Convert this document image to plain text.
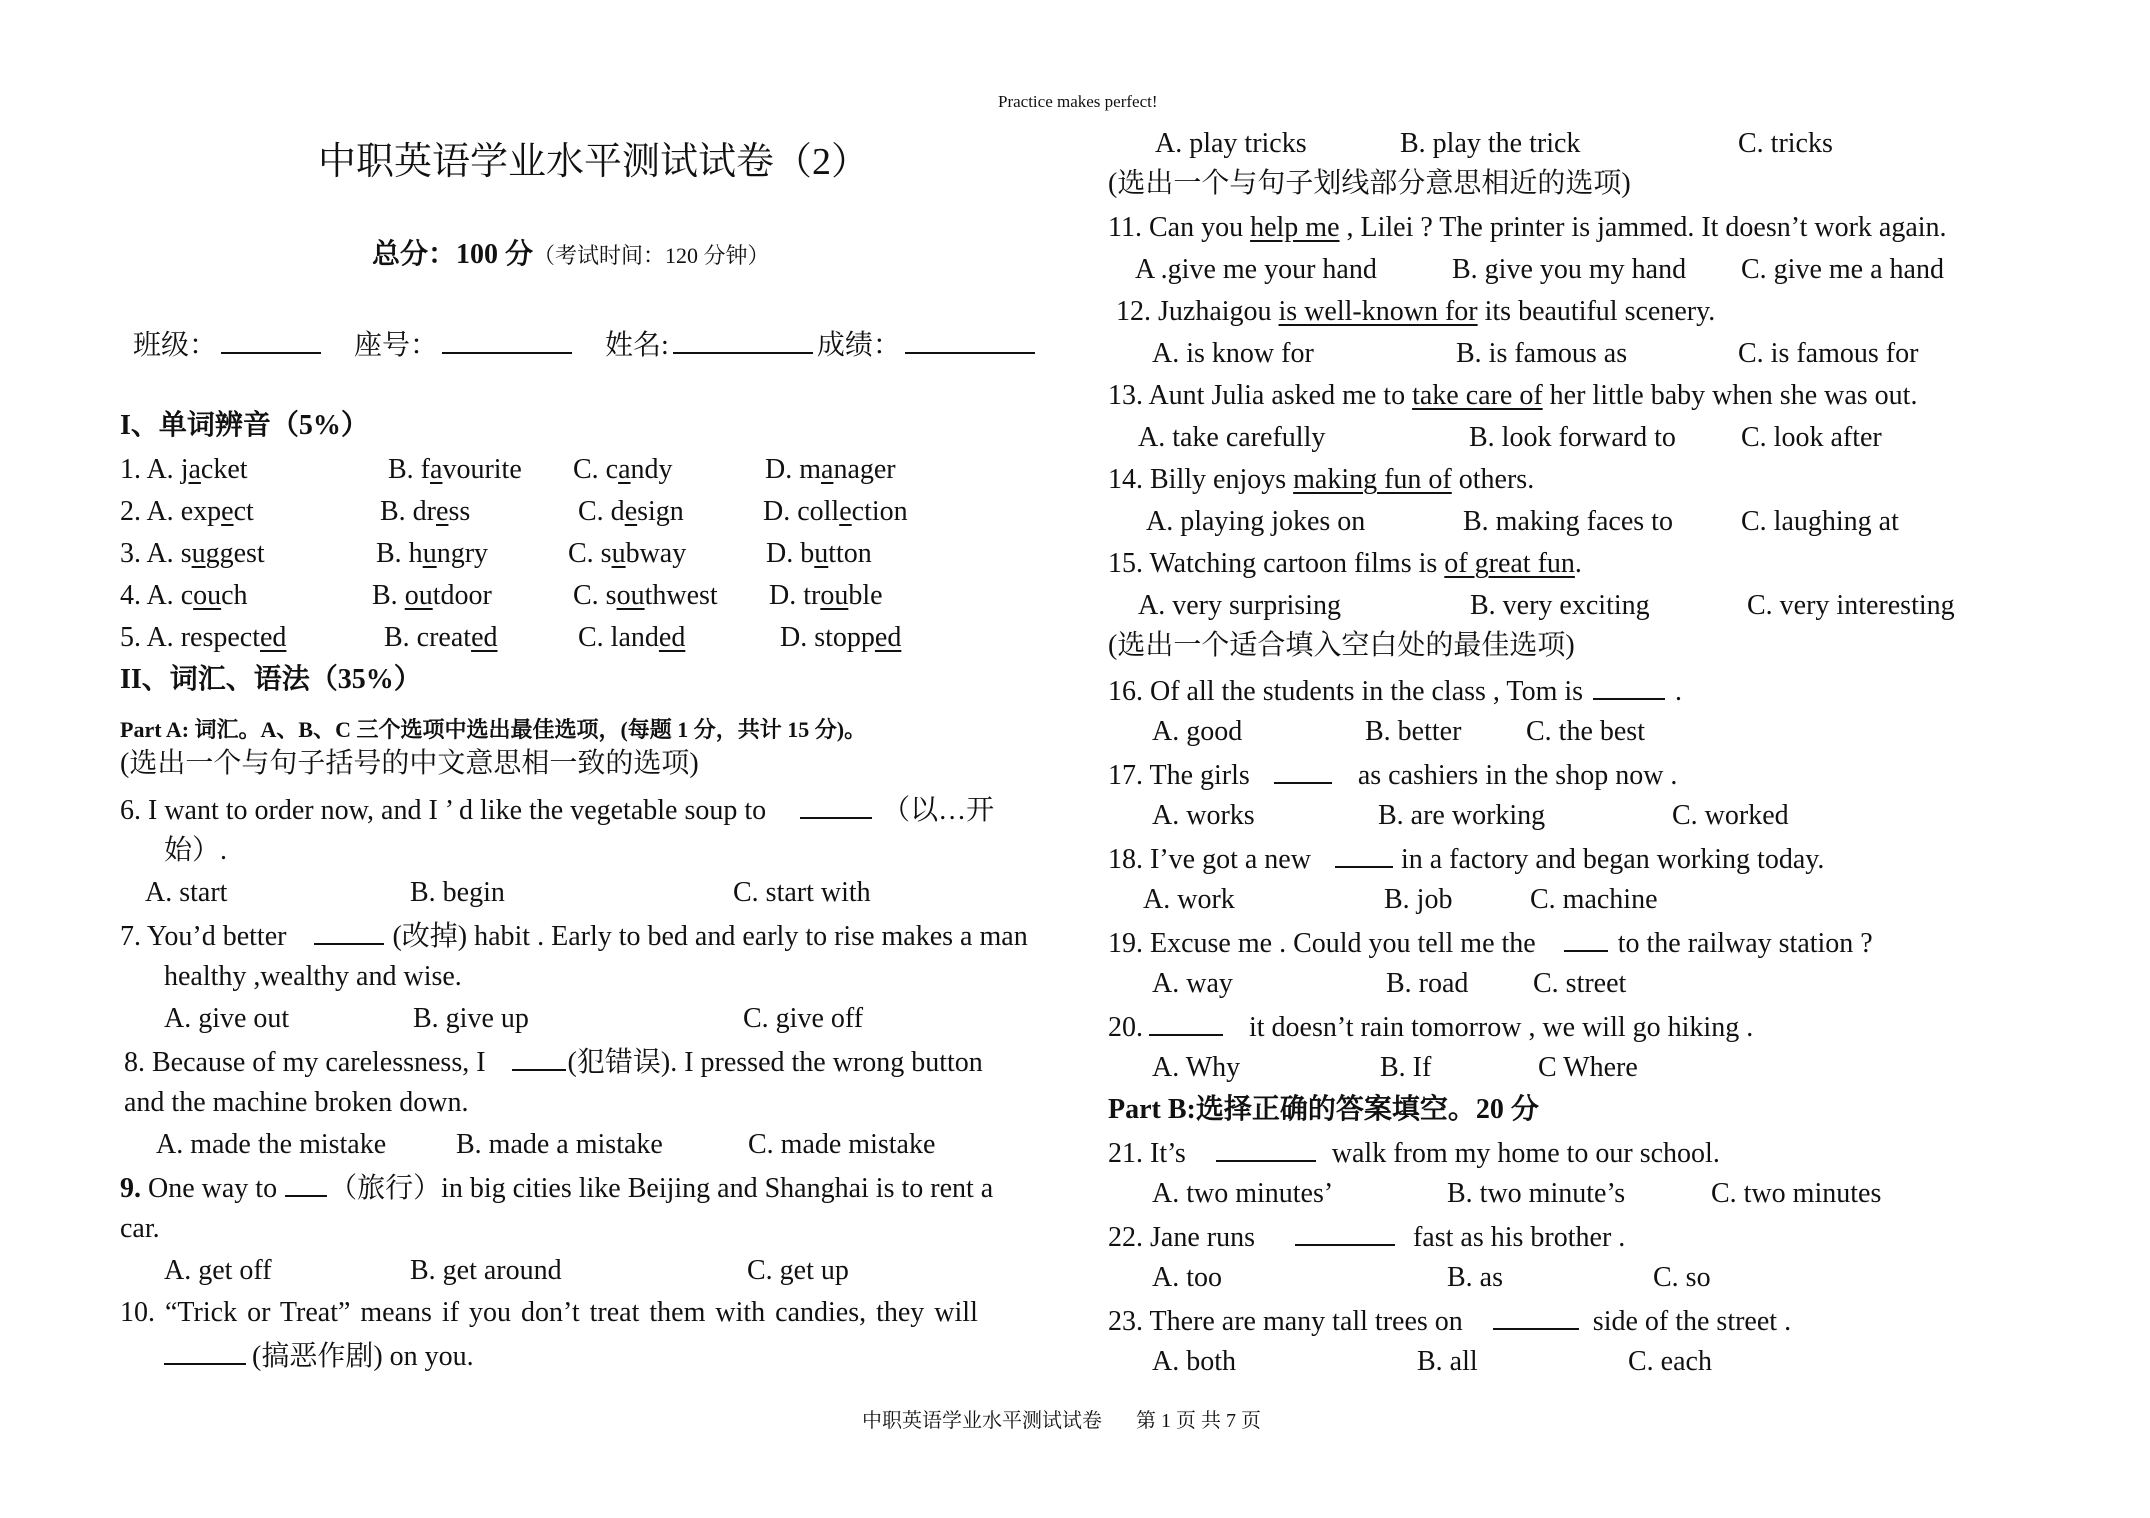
Practice makes perfect!
中职英语学业水平测试试卷（2）
总分：100 分（考试时间：120 分钟）
班级：	座号：	姓名:	成绩：
I、单词辨音（5%）
1. A. jacket	B. favourite C. candy	D. manager
2. A. expect	B. dress	C. design	D. collection
3. A. suggest	B. hungry	C. subway	D. button
4. A. couch	B. outdoor	C. southwest D. trouble
5. A. respected	B. created	C. landed	D. stopped
II、词汇、语法（35%）
Part A: 词汇。A、B、C 三个选项中选出最佳选项，(每题 1 分，共计 15 分)。
(选出一个与句子括号的中文意思相一致的选项)
6. I want to order now, and I ’ d like the vegetable soup to	（以…开
始）.
A. start	B. begin	C. start with
7. You’d better	(改掉) habit . Early to bed and early to rise makes a man
healthy ,wealthy and wise.
A. give out	B. give up	C. give off
8. Because of my carelessness, I	(犯错误). I pressed the wrong button
and the machine broken down.
A. made the mistake B. made a mistake	C. made mistake
9. One way to （旅行）in big cities like Beijing and Shanghai is to rent a
car.
A. get off	B. get around	C. get up
10. “Trick or Treat” means if you don’t treat them with candies, they will
(搞恶作剧) on you.
A. play tricks	B. play the trick	C. tricks
(选出一个与句子划线部分意思相近的选项)
11. Can you help me , Lilei ? The printer is jammed. It doesn’t work again.
A .give me your hand	B. give you my hand C. give me a hand
12. Juzhaigou is well-known for its beautiful scenery.
A. is know for	B. is famous as	C. is famous for
13. Aunt Julia asked me to take care of her little baby when she was out.
A. take carefully	B. look forward to C. look after
14. Billy enjoys making fun of others.
A. playing jokes on	B. making faces to C. laughing at
15. Watching cartoon films is of great fun.
A. very surprising	B. very exciting	C. very interesting
(选出一个适合填入空白处的最佳选项)
16. Of all the students in the class , Tom is	.
A. good	B. better C. the best
17. The girls	as cashiers in the shop now .
A. works	B. are working	C. worked
18. I’ve got a new	in a factory and began working today.
A. work	B. job	C. machine
19. Excuse me . Could you tell me the	to the railway station ?
A. way	B. road C. street
20.	it doesn’t rain tomorrow , we will go hiking .
A. Why	B. If	C Where
Part B:选择正确的答案填空。20 分
21. It’s	walk from my home to our school.
A. two minutes’	B. two minute’s	C. two minutes
22. Jane runs	fast as his brother .
A. too	B. as	C. so
23. There are many tall trees on	side of the street .
A. both	B. all	C. each
中职英语学业水平测试试卷 第 1 页 共 7 页
